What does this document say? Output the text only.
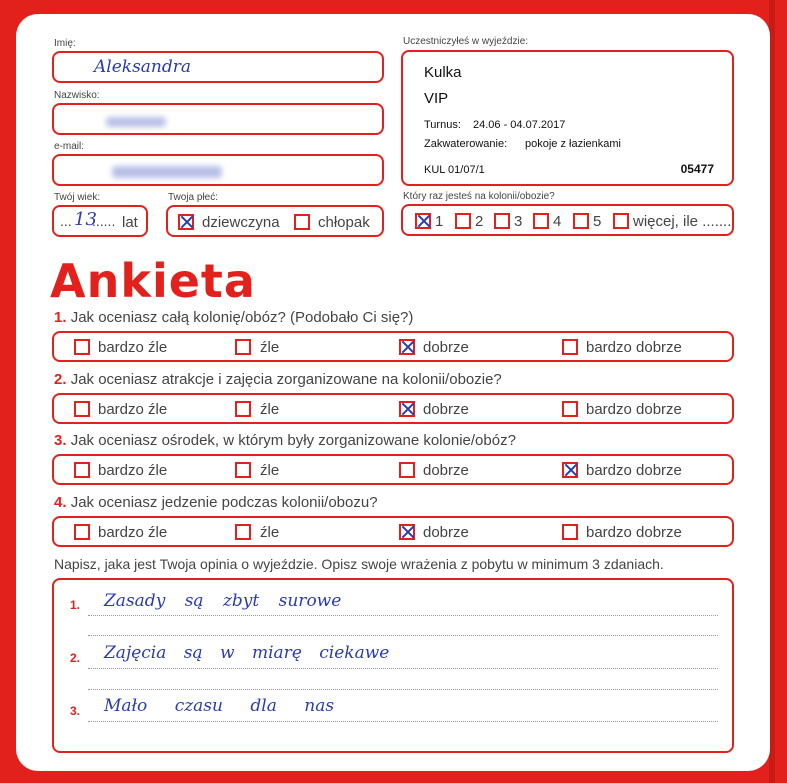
Imię:
Aleksandra
Nazwisko:
e-mail:
Twój wiek:
... 13
...... lat
Twoja płeć:
dziewczyna	chłopak
Uczestniczyłeś w wyjeździe:
Kulka
VIP
Turnus: 24.06 - 04.07.2017
Zakwaterowanie: pokoje z łazienkami
KUL 01/07/1	05477
Który raz jesteś na kolonii/obozie?
1 2 3 4 5 więcej, ile .......
Ankieta
1. Jak oceniasz całą kolonię/obóz? (Podobało Ci się?)
bardzo źle	źle	dobrze	bardzo dobrze
2. Jak oceniasz atrakcje i zajęcia zorganizowane na kolonii/obozie?
bardzo źle	źle	dobrze	bardzo dobrze
3. Jak oceniasz ośrodek, w którym były zorganizowane kolonie/obóz?
bardzo źle	źle	dobrze	bardzo dobrze
4. Jak oceniasz jedzenie podczas kolonii/obozu?
bardzo źle	źle	dobrze	bardzo dobrze
Napisz, jaka jest Twoja opinia o wyjeździe. Opisz swoje wrażenia z pobytu w minimum 3 zdaniach.
1. Zasady są zbyt surowe
2. Zajęcia są w miarę ciekawe
3. Mało czasu dla nas
